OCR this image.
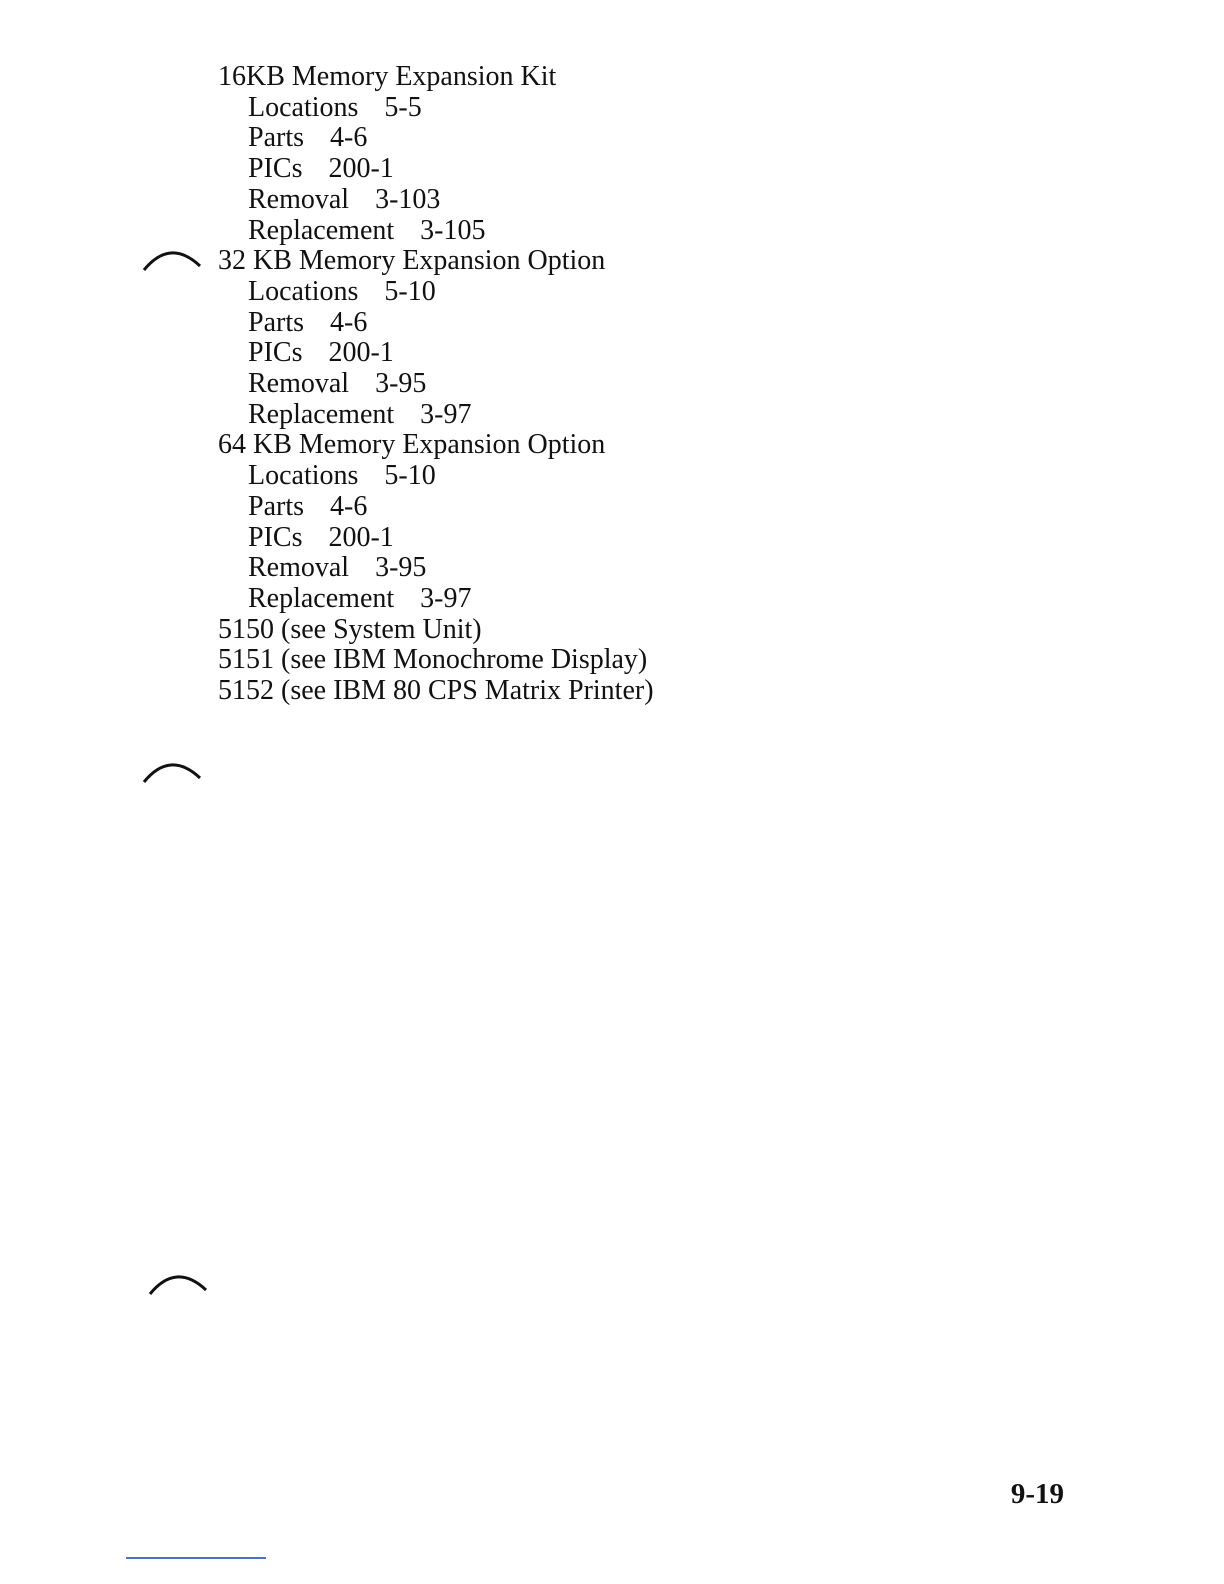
16KB Memory Expansion Kit
Locations 5-5
Parts 4-6
PICs 200-1
Removal 3-103
Replacement 3-105
32 KB Memory Expansion Option
Locations 5-10
Parts 4-6
PICs 200-1
Removal 3-95
Replacement 3-97
64 KB Memory Expansion Option
Locations 5-10
Parts 4-6
PICs 200-1
Removal 3-95
Replacement 3-97
5150 (see System Unit)
5151 (see IBM Monochrome Display)
5152 (see IBM 80 CPS Matrix Printer)
9-19
